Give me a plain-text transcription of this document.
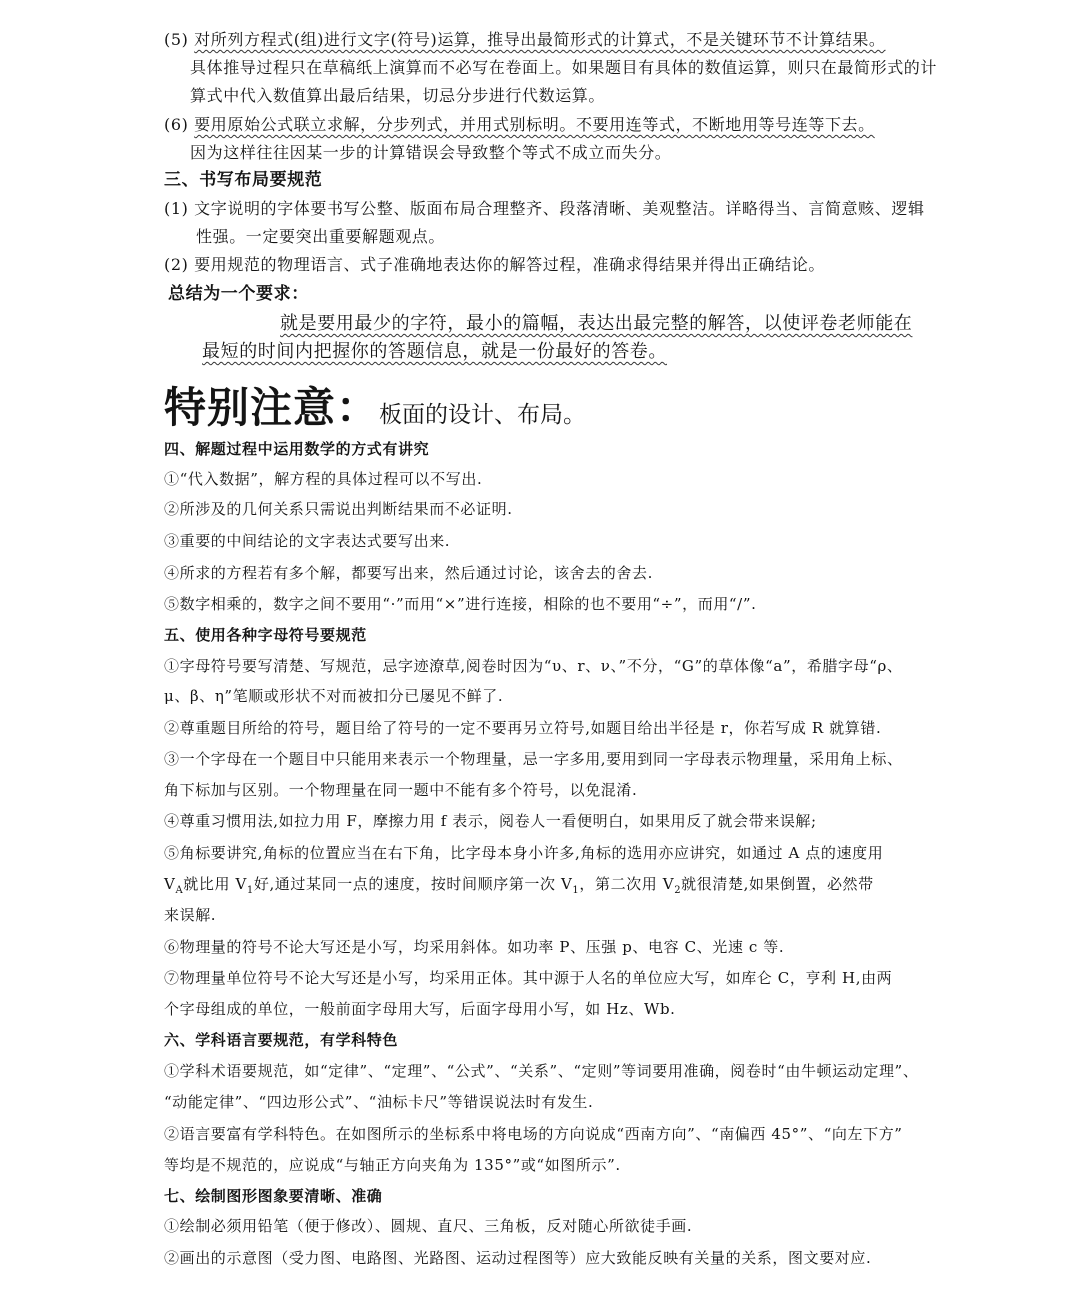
(5) 对所列方程式(组)进行文字(符号)运算，推导出最简形式的计算式，不是关键环节不计算结果。
具体推导过程只在草稿纸上演算而不必写在卷面上。如果题目有具体的数值运算，则只在最简形式的计
算式中代入数值算出最后结果，切忌分步进行代数运算。
(6) 要用原始公式联立求解，分步列式，并用式别标明。不要用连等式，不断地用等号连等下去。
因为这样往往因某一步的计算错误会导致整个等式不成立而失分。
三、书写布局要规范
(1) 文字说明的字体要书写公整、版面布局合理整齐、段落清晰、美观整洁。详略得当、言简意赅、逻辑
性强。一定要突出重要解题观点。
(2) 要用规范的物理语言、式子准确地表达你的解答过程，准确求得结果并得出正确结论。
总结为一个要求：
就是要用最少的字符，最小的篇幅，表达出最完整的解答，以使评卷老师能在
最短的时间内把握你的答题信息，就是一份最好的答卷。
特别注意：板面的设计、布局。
四、解题过程中运用数学的方式有讲究
①“代入数据”，解方程的具体过程可以不写出.
②所涉及的几何关系只需说出判断结果而不必证明.
③重要的中间结论的文字表达式要写出来.
④所求的方程若有多个解，都要写出来，然后通过讨论，该舍去的舍去.
⑤数字相乘的，数字之间不要用“·”而用“×”进行连接，相除的也不要用“÷”，而用“/”.
五、使用各种字母符号要规范
①字母符号要写清楚、写规范，忌字迹潦草,阅卷时因为“υ、r、ν、”不分，“G”的草体像“a”，希腊字母“ρ、
μ、β、η”笔顺或形状不对而被扣分已屡见不鲜了.
②尊重题目所给的符号，题目给了符号的一定不要再另立符号,如题目给出半径是 r，你若写成 R 就算错.
③一个字母在一个题目中只能用来表示一个物理量，忌一字多用,要用到同一字母表示物理量，采用角上标、
角下标加与区别。一个物理量在同一题中不能有多个符号，以免混淆.
④尊重习惯用法,如拉力用 F，摩擦力用 f 表示，阅卷人一看便明白，如果用反了就会带来误解;
⑤角标要讲究,角标的位置应当在右下角，比字母本身小许多,角标的选用亦应讲究，如通过 A 点的速度用
$V_A$就比用 $V_1$好,通过某同一点的速度，按时间顺序第一次 $V_1$，第二次用 $V_2$就很清楚,如果倒置，必然带
来误解.
⑥物理量的符号不论大写还是小写，均采用斜体。如功率 P、压强 p、电容 C、光速 c 等.
⑦物理量单位符号不论大写还是小写，均采用正体。其中源于人名的单位应大写，如库仑 C，亨利 H,由两
个字母组成的单位，一般前面字母用大写，后面字母用小写，如 Hz、Wb.
六、学科语言要规范，有学科特色
①学科术语要规范，如“定律”、“定理”、“公式”、“关系”、“定则”等词要用准确，阅卷时“由牛顿运动定理”、
“动能定律”、“四边形公式”、“油标卡尺”等错误说法时有发生.
②语言要富有学科特色。在如图所示的坐标系中将电场的方向说成“西南方向”、“南偏西 45°”、“向左下方”
等均是不规范的，应说成“与轴正方向夹角为 135°”或“如图所示”.
七、绘制图形图象要清晰、准确
①绘制必须用铅笔（便于修改）、圆规、直尺、三角板，反对随心所欲徒手画.
②画出的示意图（受力图、电路图、光路图、运动过程图等）应大致能反映有关量的关系，图文要对应.
